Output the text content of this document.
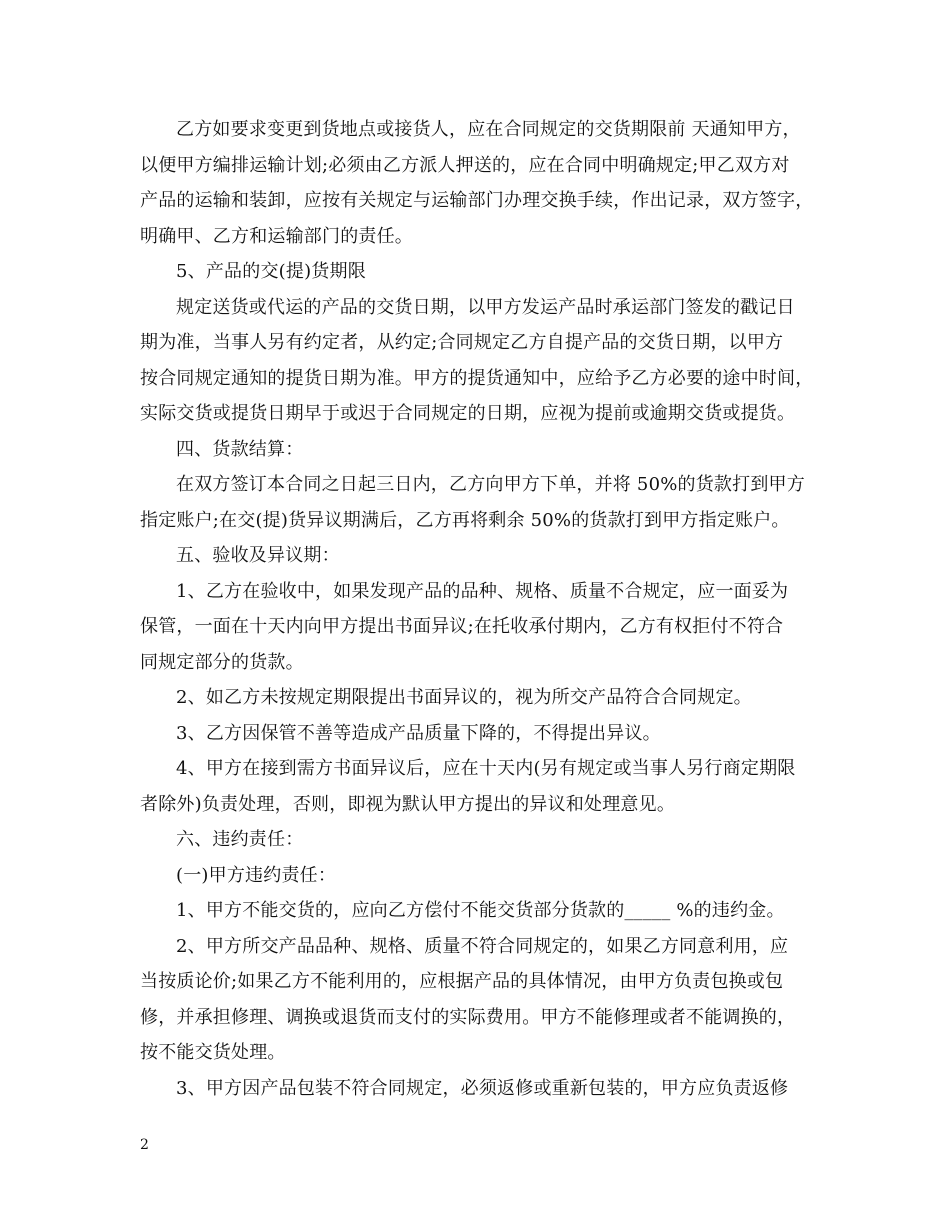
乙方如要求变更到货地点或接货人，应在合同规定的交货期限前 天通知甲方，
以便甲方编排运输计划;必须由乙方派人押送的，应在合同中明确规定;甲乙双方对
产品的运输和装卸，应按有关规定与运输部门办理交换手续，作出记录，双方签字，
明确甲、乙方和运输部门的责任。

5、产品的交(提)货期限

规定送货或代运的产品的交货日期，以甲方发运产品时承运部门签发的戳记日
期为准，当事人另有约定者，从约定;合同规定乙方自提产品的交货日期，以甲方
按合同规定通知的提货日期为准。甲方的提货通知中，应给予乙方必要的途中时间，
实际交货或提货日期早于或迟于合同规定的日期，应视为提前或逾期交货或提货。

四、货款结算：

在双方签订本合同之日起三日内，乙方向甲方下单，并将 50%的货款打到甲方
指定账户;在交(提)货异议期满后，乙方再将剩余 50%的货款打到甲方指定账户。

五、验收及异议期：

1、乙方在验收中，如果发现产品的品种、规格、质量不合规定，应一面妥为
保管，一面在十天内向甲方提出书面异议;在托收承付期内，乙方有权拒付不符合
同规定部分的货款。

2、如乙方未按规定期限提出书面异议的，视为所交产品符合合同规定。

3、乙方因保管不善等造成产品质量下降的，不得提出异议。

4、甲方在接到需方书面异议后，应在十天内(另有规定或当事人另行商定期限
者除外)负责处理，否则，即视为默认甲方提出的异议和处理意见。

六、违约责任：

(一)甲方违约责任：

1、甲方不能交货的，应向乙方偿付不能交货部分货款的_____ %的违约金。

2、甲方所交产品品种、规格、质量不符合同规定的，如果乙方同意利用，应
当按质论价;如果乙方不能利用的，应根据产品的具体情况，由甲方负责包换或包
修，并承担修理、调换或退货而支付的实际费用。甲方不能修理或者不能调换的，
按不能交货处理。

3、甲方因产品包装不符合同规定，必须返修或重新包装的，甲方应负责返修

2
